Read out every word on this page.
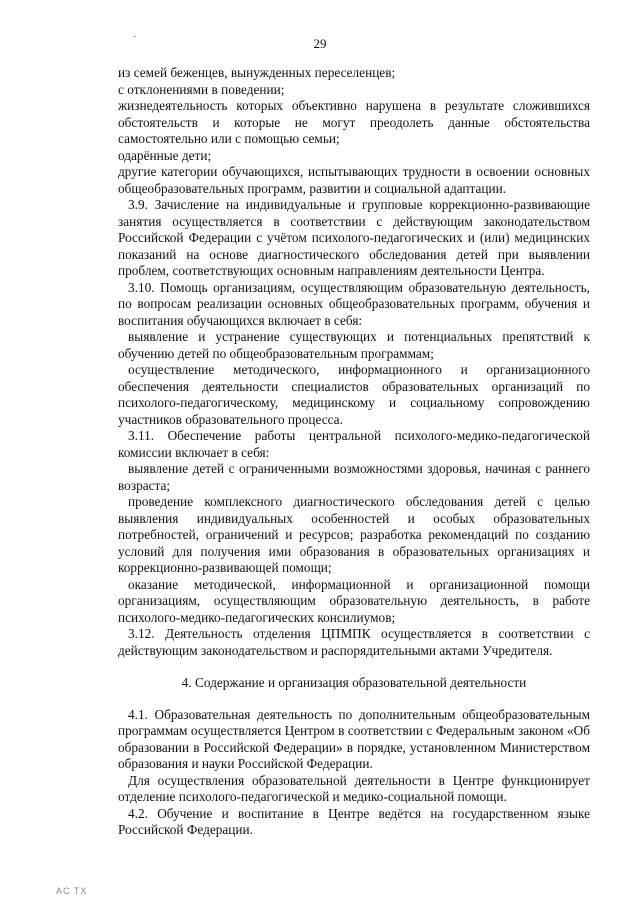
·	29

из семей беженцев, вынужденных переселенцев;

с отклонениями в поведении;

жизнедеятельность которых объективно нарушена в результате сложившихся обстоятельств и которые не могут преодолеть данные обстоятельства самостоятельно или с помощью семьи;

одарённые дети;

другие категории обучающихся, испытывающих трудности в освоении основных общеобразовательных программ, развитии и социальной адаптации.

3.9. Зачисление на индивидуальные и групповые коррекционно-развивающие занятия осуществляется в соответствии с действующим законодательством Российской Федерации с учётом психолого-педагогических и (или) медицинских показаний на основе диагностического обследования детей при выявлении проблем, соответствующих основным направлениям деятельности Центра.

3.10. Помощь организациям, осуществляющим образовательную деятельность, по вопросам реализации основных общеобразовательных программ, обучения и воспитания обучающихся включает в себя:

выявление и устранение существующих и потенциальных препятствий к обучению детей по общеобразовательным программам;

осуществление методического, информационного и организационного обеспечения деятельности специалистов образовательных организаций по психолого-педагогическому, медицинскому и социальному сопровождению участников образовательного процесса.

3.11. Обеспечение работы центральной психолого-медико-педагогической комиссии включает в себя:

выявление детей с ограниченными возможностями здоровья, начиная с раннего возраста;

проведение комплексного диагностического обследования детей с целью выявления индивидуальных особенностей и особых образовательных потребностей, ограничений и ресурсов; разработка рекомендаций по созданию условий для получения ими образования в образовательных организациях и коррекционно-развивающей помощи;

оказание методической, информационной и организационной помощи организациям, осуществляющим образовательную деятельность, в работе психолого-медико-педагогических консилиумов;

3.12. Деятельность отделения ЦПМПК осуществляется в соответствии с действующим законодательством и распорядительными актами Учредителя.

4. Содержание и организация образовательной деятельности

4.1. Образовательная деятельность по дополнительным общеобразовательным программам осуществляется Центром в соответствии с Федеральным законом «Об образовании в Российской Федерации» в порядке, установленном Министерством образования и науки Российской Федерации.

Для осуществления образовательной деятельности в Центре функционирует отделение психолого-педагогической и медико-социальной помощи.

4.2. Обучение и воспитание в Центре ведётся на государственном языке Российской Федерации.

AC TX
